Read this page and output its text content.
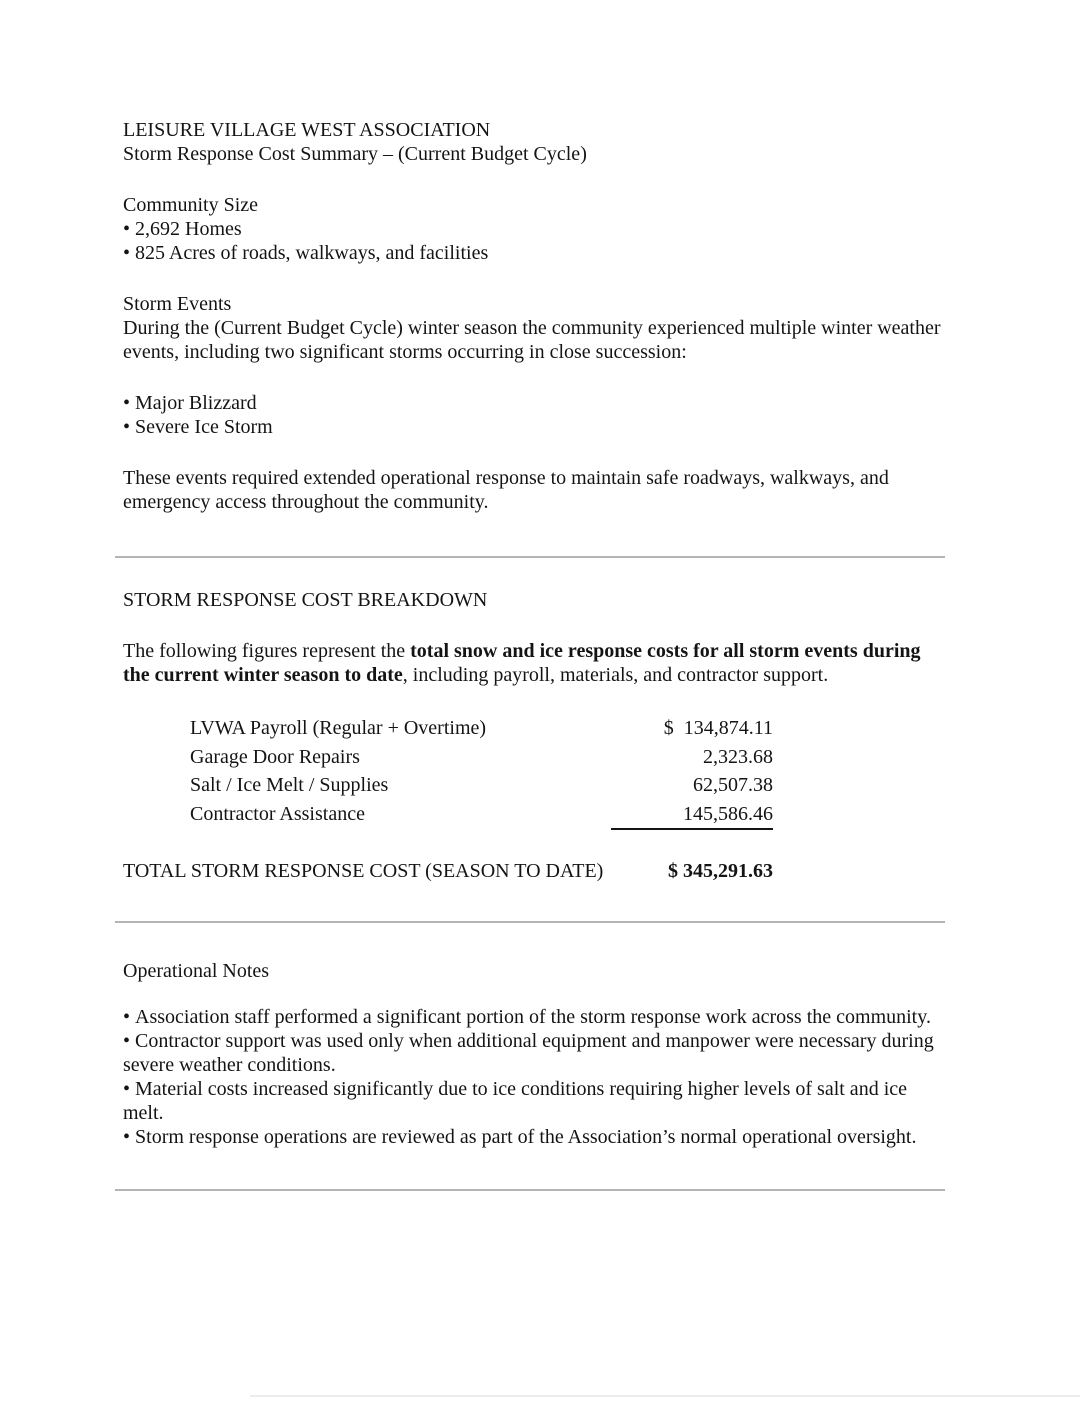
LEISURE VILLAGE WEST ASSOCIATION

Storm Response Cost Summary – (Current Budget Cycle)

Community Size

• 2,692 Homes

• 825 Acres of roads, walkways, and facilities

Storm Events

During the (Current Budget Cycle) winter season the community experienced multiple winter weather events, including two significant storms occurring in close succession:

• Major Blizzard

• Severe Ice Storm

These events required extended operational response to maintain safe roadways, walkways, and emergency access throughout the community.

STORM RESPONSE COST BREAKDOWN

The following figures represent the total snow and ice response costs for all storm events during the current winter season to date, including payroll, materials, and contractor support.

LVWA Payroll (Regular + Overtime)	$  134,874.11
Garage Door Repairs	2,323.68
Salt / Ice Melt / Supplies	62,507.38
Contractor Assistance	145,586.46
TOTAL STORM RESPONSE COST (SEASON TO DATE)	$ 345,291.63

Operational Notes

• Association staff performed a significant portion of the storm response work across the community.

• Contractor support was used only when additional equipment and manpower were necessary during severe weather conditions.

• Material costs increased significantly due to ice conditions requiring higher levels of salt and ice melt.

• Storm response operations are reviewed as part of the Association’s normal operational oversight.
